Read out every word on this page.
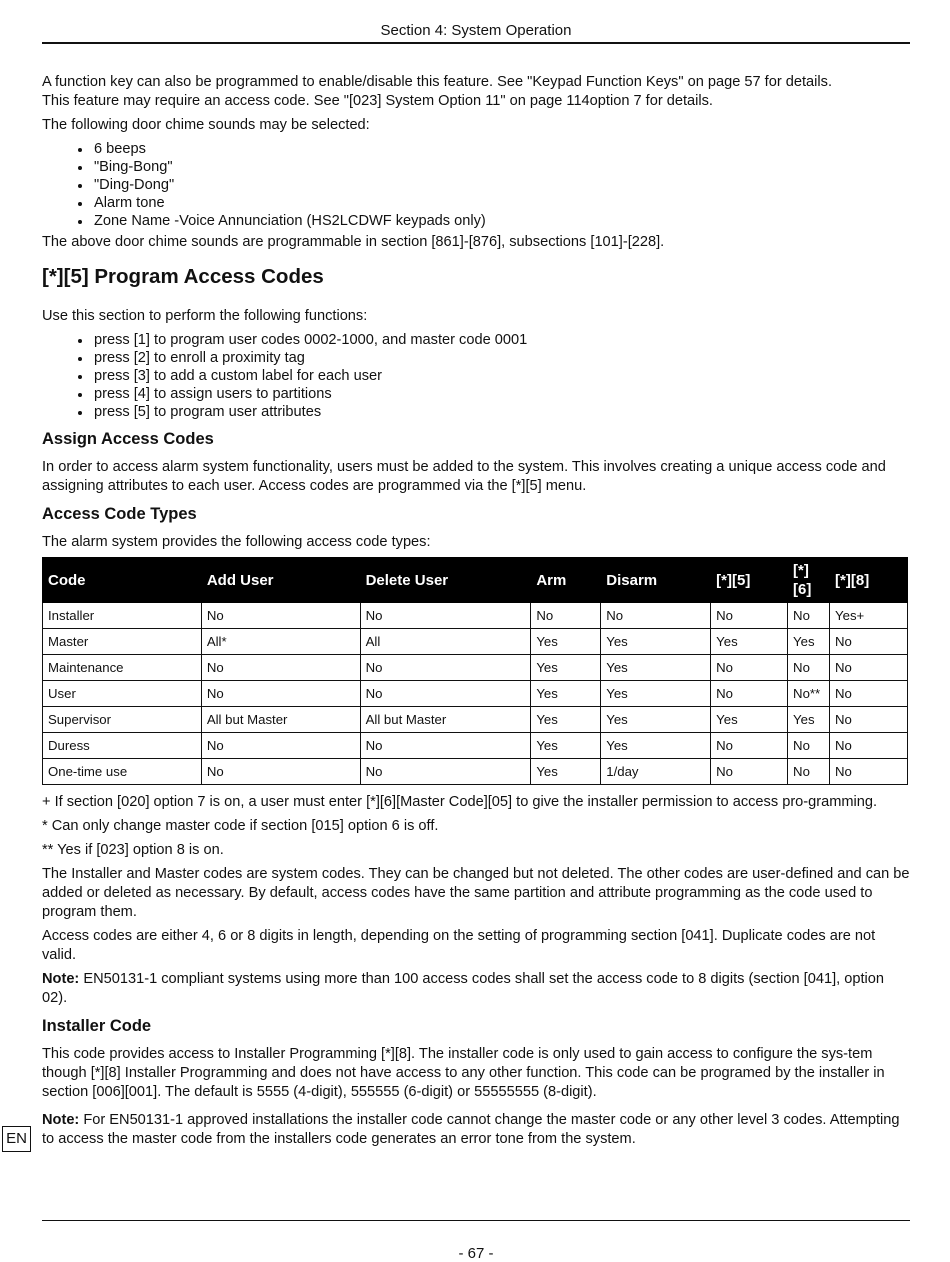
Section 4: System Operation

A function key can also be programmed to enable/disable this feature. See "Keypad Function Keys" on page 57 for details.
This feature may require an access code. See "[023] System Option 11" on page 114option 7 for details.

The following door chime sounds may be selected:

6 beeps
"Bing-Bong"
"Ding-Dong"
Alarm tone
Zone Name -Voice Annunciation (HS2LCDWF keypads only)

The above door chime sounds are programmable in section [861]-[876], subsections [101]-[228].

[*][5] Program Access Codes

Use this section to perform the following functions:

press [1] to program user codes 0002-1000, and master code 0001
press [2] to enroll a proximity tag
press [3] to add a custom label for each user
press [4] to assign users to partitions
press [5] to program user attributes
Assign Access Codes

In order to access alarm system functionality, users must be added to the system. This involves creating a unique access code and assigning attributes to each user. Access codes are programmed via the [*][5] menu.

Access Code Types

The alarm system provides the following access code types:

Code	Add User	Delete User	Arm	Disarm	[*][5]	[*][6]	[*][8]
Installer	No	No	No	No	No	No	Yes+
Master	All*	All	Yes	Yes	Yes	Yes	No
Maintenance	No	No	Yes	Yes	No	No	No
User	No	No	Yes	Yes	No	No**	No
Supervisor	All but Master	All but Master	Yes	Yes	Yes	Yes	No
Duress	No	No	Yes	Yes	No	No	No
One-time use	No	No	Yes	1/day	No	No	No

+ If section [020] option 7 is on, a user must enter [*][6][Master Code][05] to give the installer permission to access pro-gramming.

* Can only change master code if section [015] option 6 is off.

** Yes if [023] option 8 is on.

The Installer and Master codes are system codes. They can be changed but not deleted. The other codes are user-defined and can be added or deleted as necessary. By default, access codes have the same partition and attribute programming as the code used to program them.

Access codes are either 4, 6 or 8 digits in length, depending on the setting of programming section [041]. Duplicate codes are not valid.

Note: EN50131-1 compliant systems using more than 100 access codes shall set the access code to 8 digits (section [041], option 02).

Installer Code

This code provides access to Installer Programming [*][8]. The installer code is only used to gain access to configure the sys-tem though [*][8] Installer Programming and does not have access to any other function. This code can be programed by the installer in section [006][001]. The default is 5555 (4-digit), 555555 (6-digit) or 55555555 (8-digit).

Note: For EN50131-1 approved installations the installer code cannot change the master code or any other level 3 codes. Attempting to access the master code from the installers code generates an error tone from the system.

EN
- 67 -
